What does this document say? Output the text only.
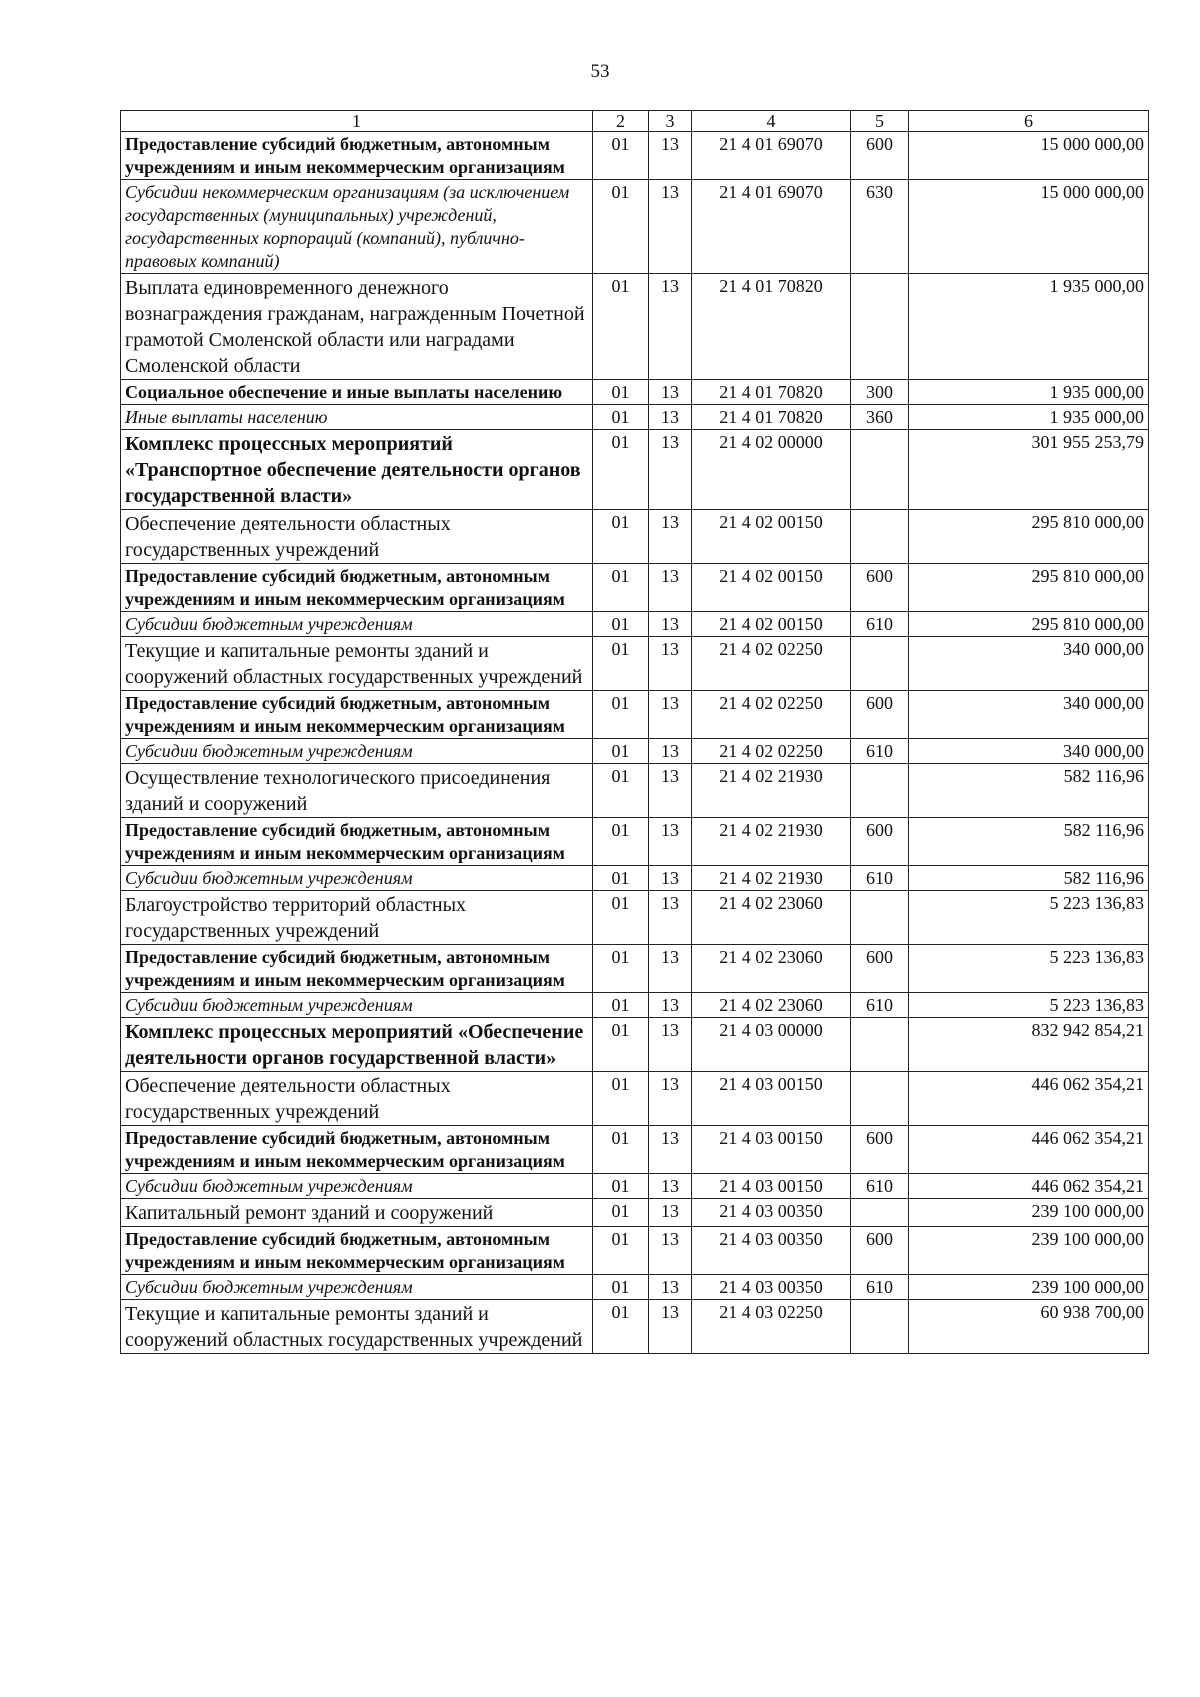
53
1	2	3	4	5	6
Предоставление субсидий бюджетным, автономным учреждениям и иным некоммерческим организациям	01	13	21 4 01 69070	600	15 000 000,00
Субсидии некоммерческим организациям (за исключением государственных (муниципальных) учреждений, государственных корпораций (компаний), публично-правовых компаний)	01	13	21 4 01 69070	630	15 000 000,00
Выплата единовременного денежного вознаграждения гражданам, награжденным Почетной грамотой Смоленской области или наградами Смоленской области	01	13	21 4 01 70820		1 935 000,00
Социальное обеспечение и иные выплаты населению	01	13	21 4 01 70820	300	1 935 000,00
Иные выплаты населению	01	13	21 4 01 70820	360	1 935 000,00
Комплекс процессных мероприятий «Транспортное обеспечение деятельности органов государственной власти»	01	13	21 4 02 00000		301 955 253,79
Обеспечение деятельности областных государственных учреждений	01	13	21 4 02 00150		295 810 000,00
Предоставление субсидий бюджетным, автономным учреждениям и иным некоммерческим организациям	01	13	21 4 02 00150	600	295 810 000,00
Субсидии бюджетным учреждениям	01	13	21 4 02 00150	610	295 810 000,00
Текущие и капитальные ремонты зданий и сооружений областных государственных учреждений	01	13	21 4 02 02250		340 000,00
Предоставление субсидий бюджетным, автономным учреждениям и иным некоммерческим организациям	01	13	21 4 02 02250	600	340 000,00
Субсидии бюджетным учреждениям	01	13	21 4 02 02250	610	340 000,00
Осуществление технологического присоединения зданий и сооружений	01	13	21 4 02 21930		582 116,96
Предоставление субсидий бюджетным, автономным учреждениям и иным некоммерческим организациям	01	13	21 4 02 21930	600	582 116,96
Субсидии бюджетным учреждениям	01	13	21 4 02 21930	610	582 116,96
Благоустройство территорий областных государственных учреждений	01	13	21 4 02 23060		5 223 136,83
Предоставление субсидий бюджетным, автономным учреждениям и иным некоммерческим организациям	01	13	21 4 02 23060	600	5 223 136,83
Субсидии бюджетным учреждениям	01	13	21 4 02 23060	610	5 223 136,83
Комплекс процессных мероприятий «Обеспечение деятельности органов государственной власти»	01	13	21 4 03 00000		832 942 854,21
Обеспечение деятельности областных государственных учреждений	01	13	21 4 03 00150		446 062 354,21
Предоставление субсидий бюджетным, автономным учреждениям и иным некоммерческим организациям	01	13	21 4 03 00150	600	446 062 354,21
Субсидии бюджетным учреждениям	01	13	21 4 03 00150	610	446 062 354,21
Капитальный ремонт зданий и сооружений	01	13	21 4 03 00350		239 100 000,00
Предоставление субсидий бюджетным, автономным учреждениям и иным некоммерческим организациям	01	13	21 4 03 00350	600	239 100 000,00
Субсидии бюджетным учреждениям	01	13	21 4 03 00350	610	239 100 000,00
Текущие и капитальные ремонты зданий и сооружений областных государственных учреждений	01	13	21 4 03 02250		60 938 700,00
